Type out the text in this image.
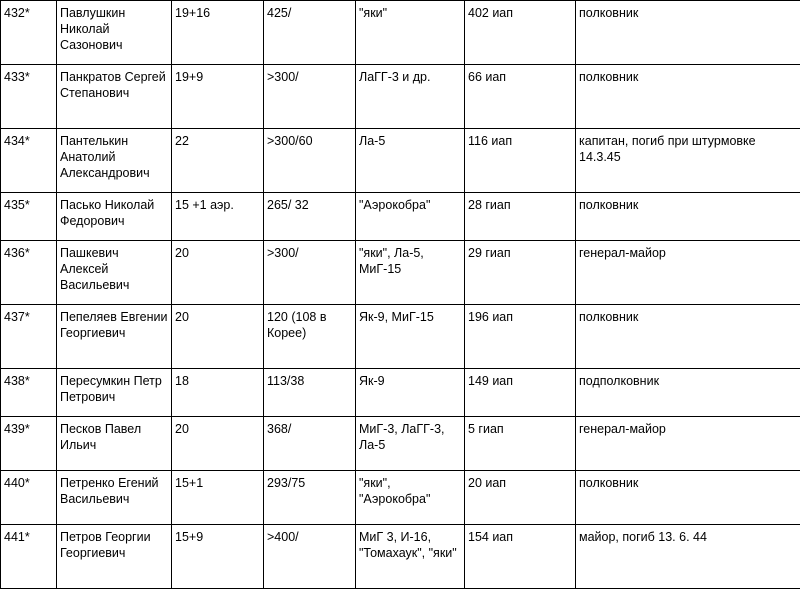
432*	Павлушкин Николай Сазонович	19+16	425/	"яки"	402 иап	полковник
433*	Панкратов Сергей Степанович	19+9	>300/	ЛаГГ-3 и др.	66 иап	полковник
434*	Пантелькин Анатолий Александрович	22	>300/60	Ла-5	116 иап	капитан, погиб при штурмовке 14.3.45
435*	Пасько Николай Федорович	15 +1 аэр.	265/ 32	"Аэрокобра"	28 гиап	полковник
436*	Пашкевич Алексей Васильевич	20	>300/	"яки", Ла-5, МиГ-15	29 гиап	генерал-майор
437*	Пепеляев Евгении Георгиевич	20	120 (108 в Корее)	Як-9, МиГ-15	196 иап	полковник
438*	Пересумкин Петр Петрович	18	113/38	Як-9	149 иап	подполковник
439*	Песков Павел Ильич	20	368/	МиГ-3, ЛаГГ-3, Ла-5	5 гиап	генерал-майор
440*	Петренко Егений Васильевич	15+1	293/75	"яки", "Аэрокобра"	20 иап	полковник
441*	Петров Георгии Георгиевич	15+9	>400/	МиГ 3, И-16, "Томахаук", "яки"	154 иап	майор, погиб 13. 6. 44
